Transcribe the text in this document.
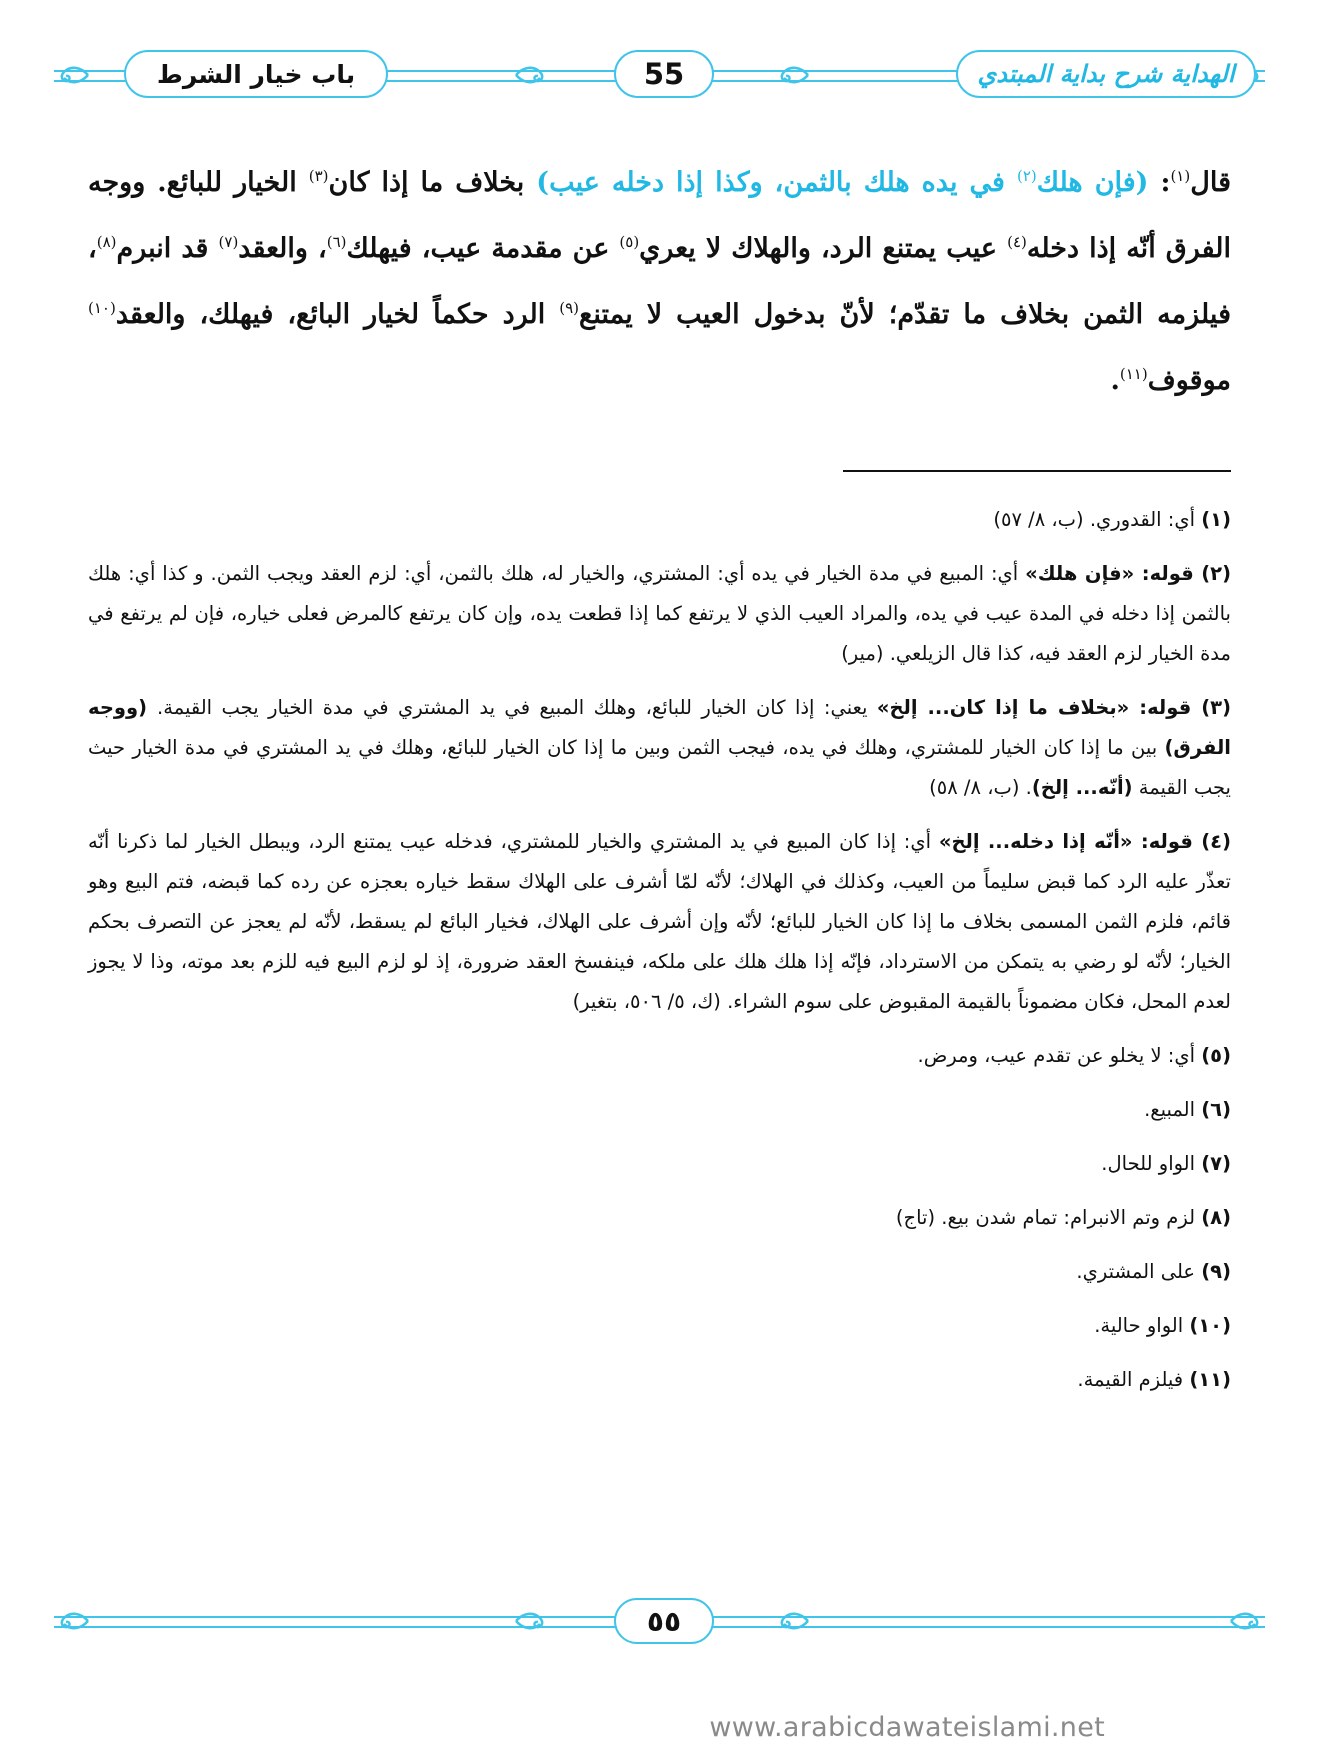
باب خيار الشرط	55	الهداية شرح بداية المبتدي
قال$^{(١)}$: (فإن هلك$^{(٢)}$ في يده هلك بالثمن، وكذا إذا دخله عيب) بخلاف ما إذا كان$^{(٣)}$ الخيار للبائع. ووجه الفرق أنّه إذا دخله$^{(٤)}$ عيب يمتنع الرد، والهلاك لا يعري$^{(٥)}$ عن مقدمة عيب، فيهلك$^{(٦)}$، والعقد$^{(٧)}$ قد انبرم$^{(٨)}$، فيلزمه الثمن بخلاف ما تقدّم؛ لأنّ بدخول العيب لا يمتنع$^{(٩)}$ الرد حكماً لخيار البائع، فيهلك، والعقد$^{(١٠)}$ موقوف$^{(١١)}$.
(١) أي: القدوري. (ب، ٨/ ٥٧)
(٢) قوله: «فإن هلك» أي: المبيع في مدة الخيار في يده أي: المشتري، والخيار له، هلك بالثمن، أي: لزم العقد ويجب الثمن. و كذا أي: هلك بالثمن إذا دخله في المدة عيب في يده، والمراد العيب الذي لا يرتفع كما إذا قطعت يده، وإن كان يرتفع كالمرض فعلى خياره، فإن لم يرتفع في مدة الخيار لزم العقد فيه، كذا قال الزيلعي. (مير)
(٣) قوله: «بخلاف ما إذا كان... إلخ» يعني: إذا كان الخيار للبائع، وهلك المبيع في يد المشتري في مدة الخيار يجب القيمة. (ووجه الفرق) بين ما إذا كان الخيار للمشتري، وهلك في يده، فيجب الثمن وبين ما إذا كان الخيار للبائع، وهلك في يد المشتري في مدة الخيار حيث يجب القيمة (أنّه... إلخ). (ب، ٨/ ٥٨)
(٤) قوله: «أنّه إذا دخله... إلخ» أي: إذا كان المبيع في يد المشتري والخيار للمشتري، فدخله عيب يمتنع الرد، ويبطل الخيار لما ذكرنا أنّه تعذّر عليه الرد كما قبض سليماً من العيب، وكذلك في الهلاك؛ لأنّه لمّا أشرف على الهلاك سقط خياره بعجزه عن رده كما قبضه، فتم البيع وهو قائم، فلزم الثمن المسمى بخلاف ما إذا كان الخيار للبائع؛ لأنّه وإن أشرف على الهلاك، فخيار البائع لم يسقط، لأنّه لم يعجز عن التصرف بحكم الخيار؛ لأنّه لو رضي به يتمكن من الاسترداد، فإنّه إذا هلك هلك على ملكه، فينفسخ العقد ضرورة، إذ لو لزم البيع فيه للزم بعد موته، وذا لا يجوز لعدم المحل، فكان مضموناً بالقيمة المقبوض على سوم الشراء. (ك، ٥/ ٥٠٦، بتغير)
(٥) أي: لا يخلو عن تقدم عيب، ومرض.
(٦) المبيع.
(٧) الواو للحال.
(٨) لزم وتم الانبرام: تمام شدن بيع. (تاج)
(٩) على المشتري.
(١٠) الواو حالية.
(١١) فيلزم القيمة.
٥٥
www.arabicdawateislami.net
